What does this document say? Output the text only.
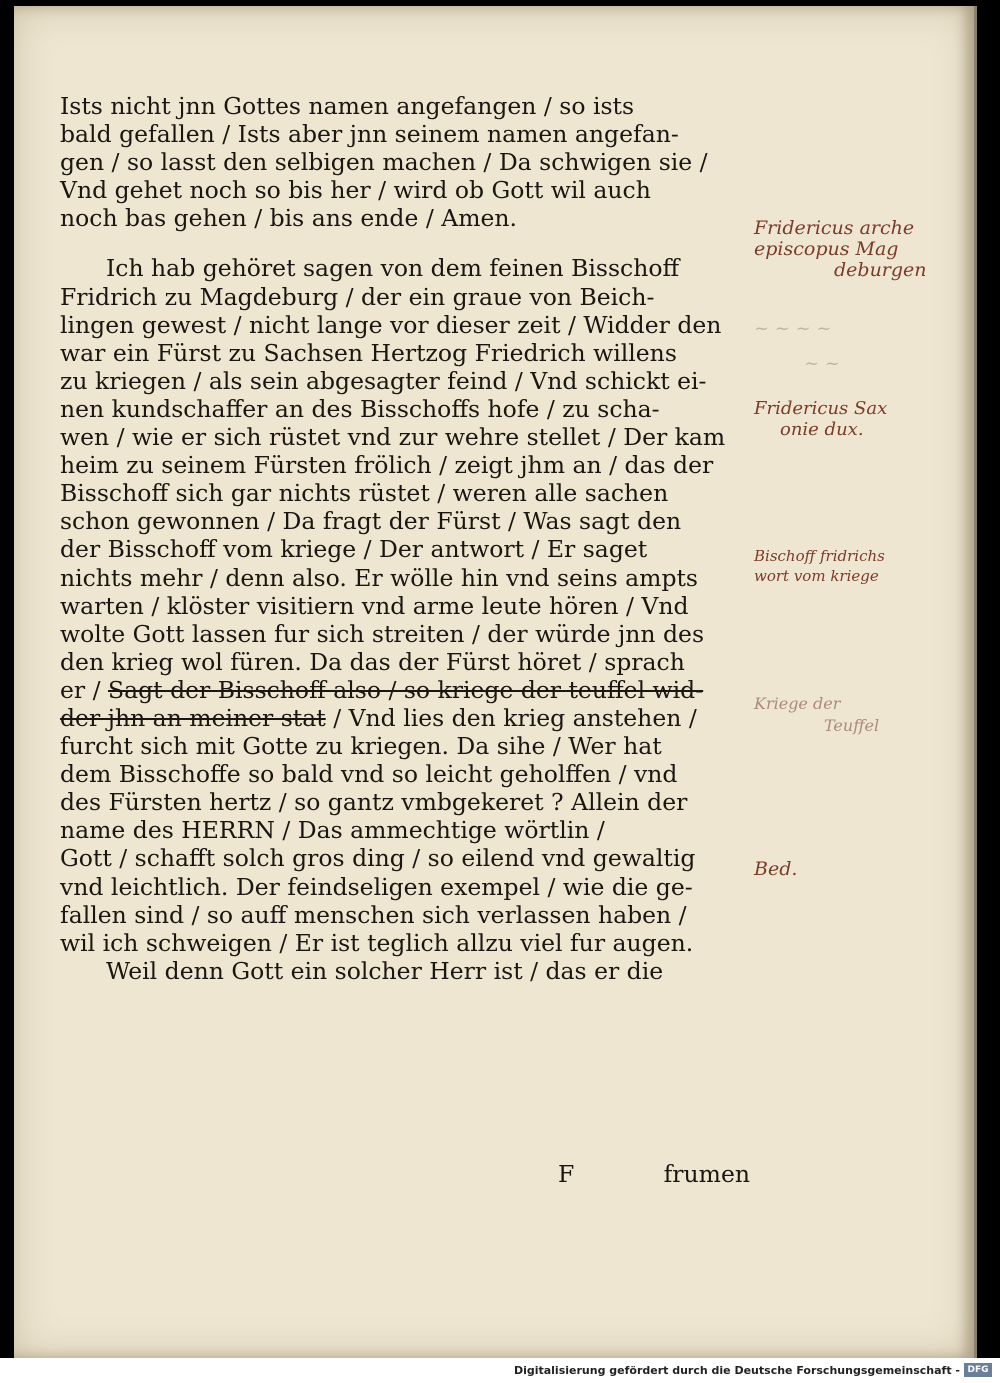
Ists nicht jnn Gottes namen angefangen / so ists
bald gefallen / Ists aber jnn seinem namen angefan-
gen / so lasst den selbigen machen / Da schwigen sie /
Vnd gehet noch so bis her / wird ob Gott wil auch
noch bas gehen / bis ans ende / Amen.
Ich hab gehöret sagen von dem feinen Bisschoff
Fridrich zu Magdeburg / der ein graue von Beich-
lingen gewest / nicht lange vor dieser zeit / Widder den
war ein Fürst zu Sachsen Hertzog Friedrich willens
zu kriegen / als sein abgesagter feind / Vnd schickt ei-
nen kundschaffer an des Bisschoffs hofe / zu scha-
wen / wie er sich rüstet vnd zur wehre stellet / Der kam
heim zu seinem Fürsten frölich / zeigt jhm an / das der
Bisschoff sich gar nichts rüstet / weren alle sachen
schon gewonnen / Da fragt der Fürst / Was sagt den
der Bisschoff vom kriege / Der antwort / Er saget
nichts mehr / denn also. Er wölle hin vnd seins ampts
warten / klöster visitiern vnd arme leute hören / Vnd
wolte Gott lassen fur sich streiten / der würde jnn des
den krieg wol füren. Da das der Fürst höret / sprach
er / Sagt der Bisschoff also / so kriege der teuffel wid-
der jhn an meiner stat / Vnd lies den krieg anstehen /
furcht sich mit Gotte zu kriegen. Da sihe / Wer hat
dem Bisschoffe so bald vnd so leicht geholffen / vnd
des Fürsten hertz / so gantz vmbgekeret ? Allein der
name des HERRN / Das ammechtige wörtlin /
Gott / schafft solch gros ding / so eilend vnd gewaltig
vnd leichtlich. Der feindseligen exempel / wie die ge-
fallen sind / so auff menschen sich verlassen haben /
wil ich schweigen / Er ist teglich allzu viel fur augen.
Weil denn Gott ein solcher Herr ist / das er die
F	frumen
Fridericus arche
episcopus Mag
deburgen
~ ~ ~ ~
~ ~
Fridericus Sax
onie dux.
Bischoff fridrichs
wort vom kriege
Kriege der
Teuffel
Bed.
Digitalisierung gefördert durch die Deutsche Forschungsgemeinschaft - DFG
